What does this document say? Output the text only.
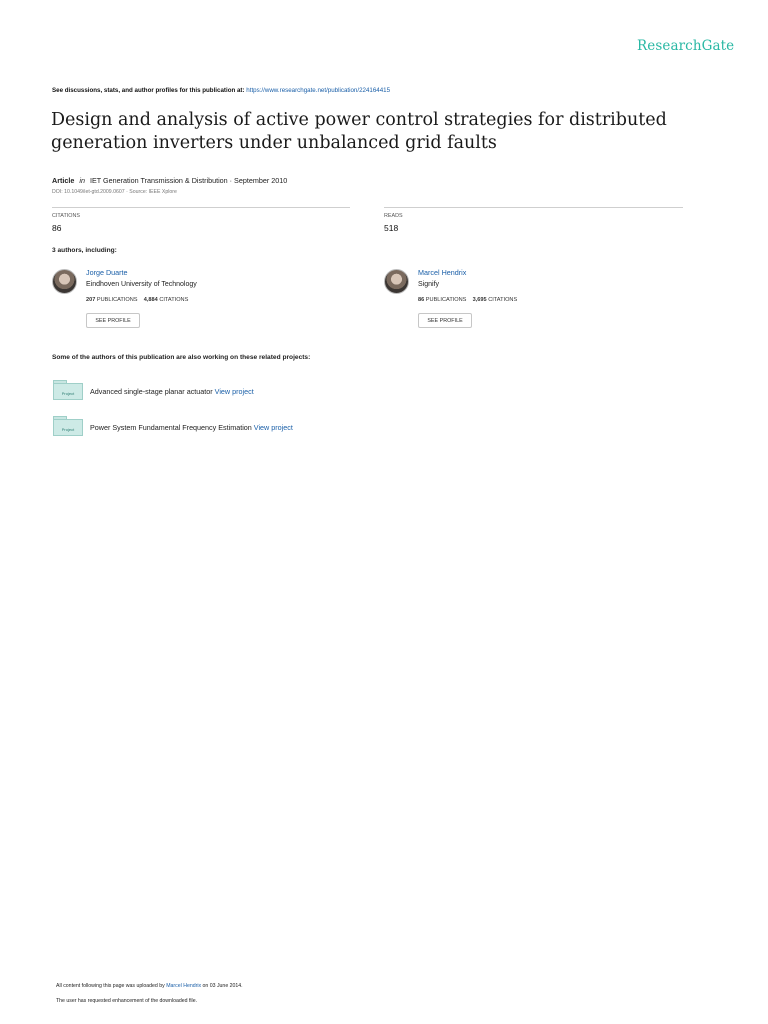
ResearchGate
See discussions, stats, and author profiles for this publication at: https://www.researchgate.net/publication/224164415
Design and analysis of active power control strategies for distributed generation inverters under unbalanced grid faults
Article in IET Generation Transmission & Distribution · September 2010
DOI: 10.1049/iet-gtd.2009.0607 · Source: IEEE Xplore
CITATIONS
86
READS
518
3 authors, including:
Jorge Duarte
Eindhoven University of Technology
207 PUBLICATIONS 4,884 CITATIONS
SEE PROFILE
Marcel Hendrix
Signify
86 PUBLICATIONS 3,695 CITATIONS
SEE PROFILE
Some of the authors of this publication are also working on these related projects:
Project	Advanced single-stage planar actuator View project
Project	Power System Fundamental Frequency Estimation View project
All content following this page was uploaded by Marcel Hendrix on 03 June 2014.
The user has requested enhancement of the downloaded file.
